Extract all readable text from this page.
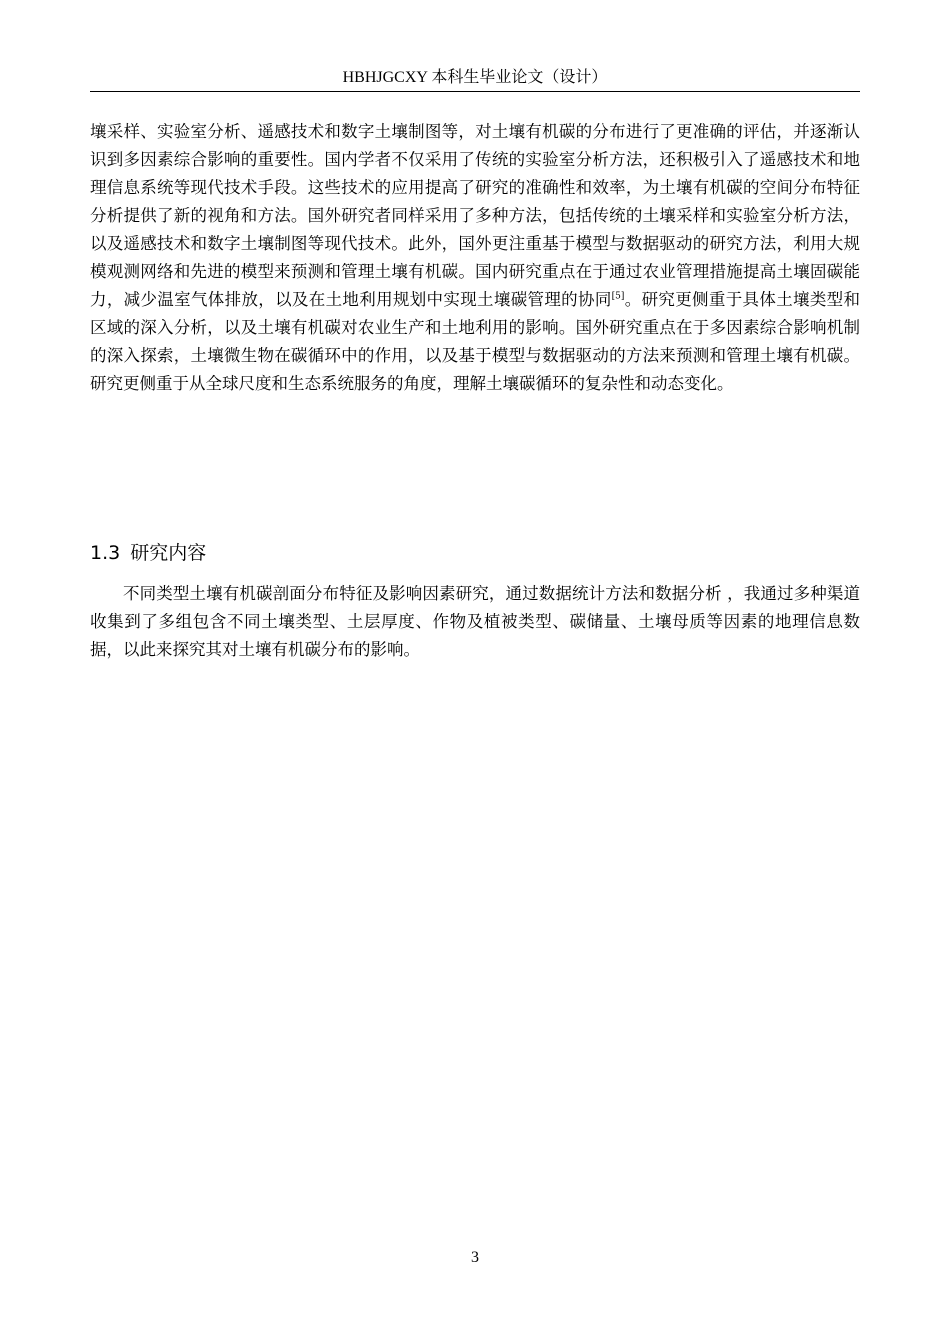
HBHJGCXY 本科生毕业论文（设计）

壤采样、实验室分析、遥感技术和数字土壤制图等，对土壤有机碳的分布进行了更准确的评估，并逐渐认识到多因素综合影响的重要性。国内学者不仅采用了传统的实验室分析方法，还积极引入了遥感技术和地理信息系统等现代技术手段。这些技术的应用提高了研究的准确性和效率，为土壤有机碳的空间分布特征分析提供了新的视角和方法。国外研究者同样采用了多种方法，包括传统的土壤采样和实验室分析方法，以及遥感技术和数字土壤制图等现代技术。此外，国外更注重基于模型与数据驱动的研究方法，利用大规模观测网络和先进的模型来预测和管理土壤有机碳。国内研究重点在于通过农业管理措施提高土壤固碳能力，减少温室气体排放，以及在土地利用规划中实现土壤碳管理的协同[5]。研究更侧重于具体土壤类型和区域的深入分析，以及土壤有机碳对农业生产和土地利用的影响。国外研究重点在于多因素综合影响机制的深入探索，土壤微生物在碳循环中的作用，以及基于模型与数据驱动的方法来预测和管理土壤有机碳。研究更侧重于从全球尺度和生态系统服务的角度，理解土壤碳循环的复杂性和动态变化。

1.3 研究内容

不同类型土壤有机碳剖面分布特征及影响因素研究，通过数据统计方法和数据分析 ，我通过多种渠道收集到了多组包含不同土壤类型、土层厚度、作物及植被类型、碳储量、土壤母质等因素的地理信息数据，以此来探究其对土壤有机碳分布的影响。

3
